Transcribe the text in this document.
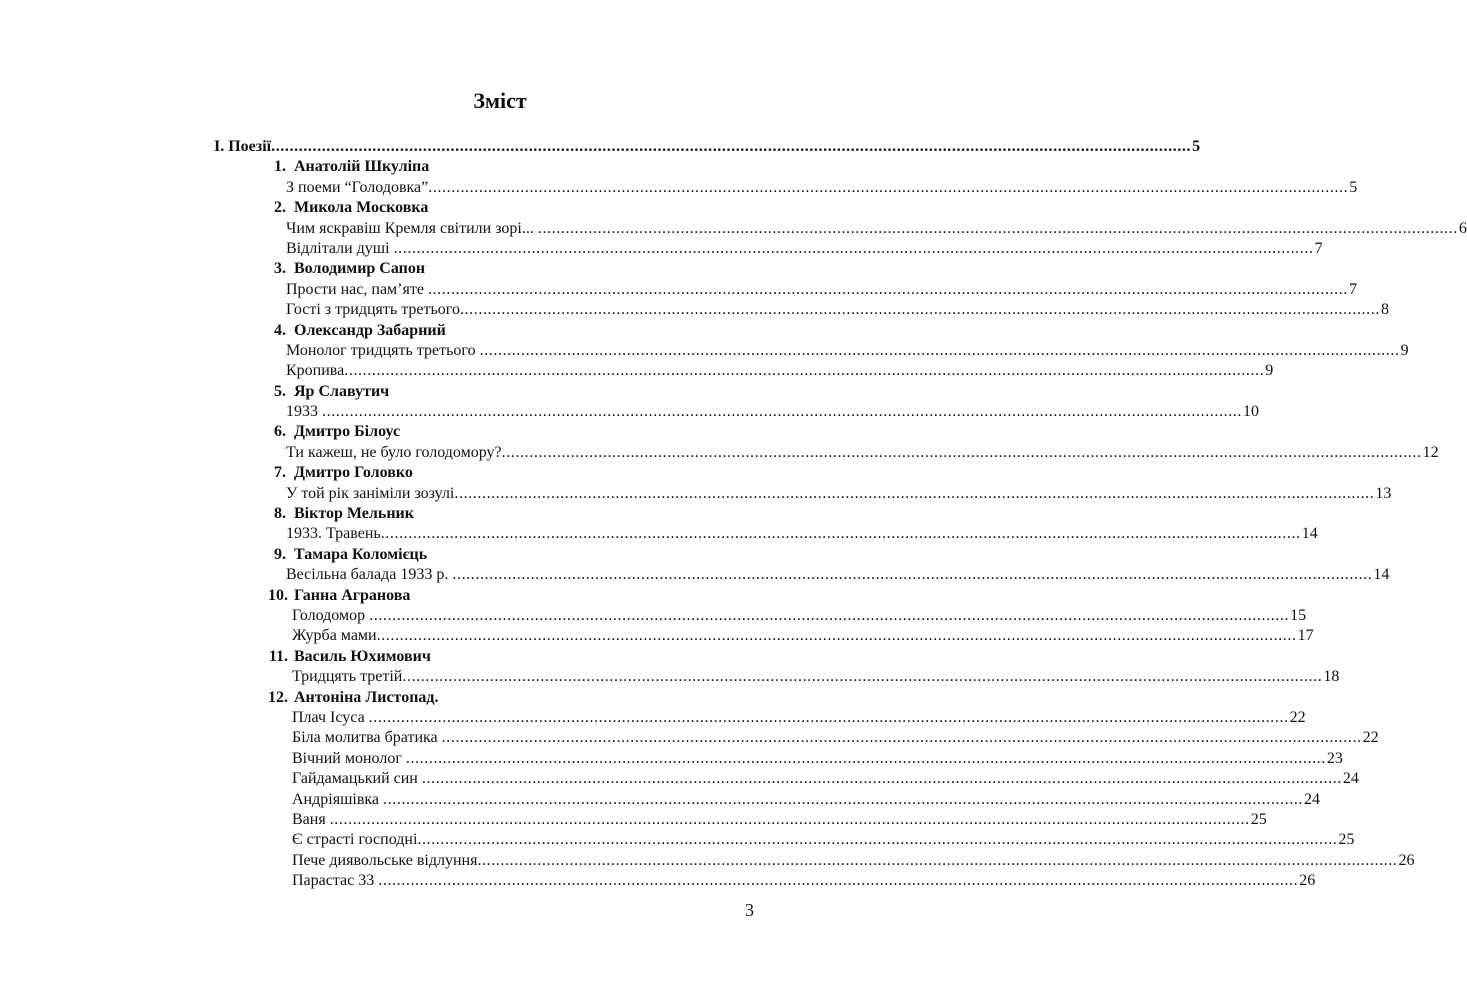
Зміст
I. Поезії ........................................................................................................................................................................................................ 5
1. Анатолій Шкуліпа
З поеми “Голодовка” ........................................................................................................................................................................................................ 5
2. Микола Московка
Чим яскравіш Кремля світили зорі... ........................................................................................................................................................................................................ 6
Відлітали душі ........................................................................................................................................................................................................ 7
3. Володимир Сапон
Прости нас, пам’яте ........................................................................................................................................................................................................ 7
Гості з тридцять третього ........................................................................................................................................................................................................ 8
4. Олександр Забарний
Монолог тридцять третього ........................................................................................................................................................................................................ 9
Кропива ........................................................................................................................................................................................................ 9
5. Яр Славутич
1933 ........................................................................................................................................................................................................ 10
6. Дмитро Білоус
Ти кажеш, не було голодомору? ........................................................................................................................................................................................................ 12
7. Дмитро Головко
У той рік заніміли зозулі ........................................................................................................................................................................................................ 13
8. Віктор Мельник
1933. Травень ........................................................................................................................................................................................................ 14
9. Тамара Коломієць
Весільна балада 1933 р. ........................................................................................................................................................................................................ 14
10. Ганна Агранова
Голодомор ........................................................................................................................................................................................................ 15
Журба мами ........................................................................................................................................................................................................ 17
11. Василь Юхимович
Тридцять третій ........................................................................................................................................................................................................ 18
12. Антоніна Листопад.
Плач Ісуса ........................................................................................................................................................................................................ 22
Біла молитва братика ........................................................................................................................................................................................................ 22
Вічний монолог ........................................................................................................................................................................................................ 23
Гайдамацький син ........................................................................................................................................................................................................ 24
Андріяшівка ........................................................................................................................................................................................................ 24
Ваня ........................................................................................................................................................................................................ 25
Є страсті господні ........................................................................................................................................................................................................ 25
Пече диявольське відлуння ........................................................................................................................................................................................................ 26
Парастас 33 ........................................................................................................................................................................................................ 26
3
